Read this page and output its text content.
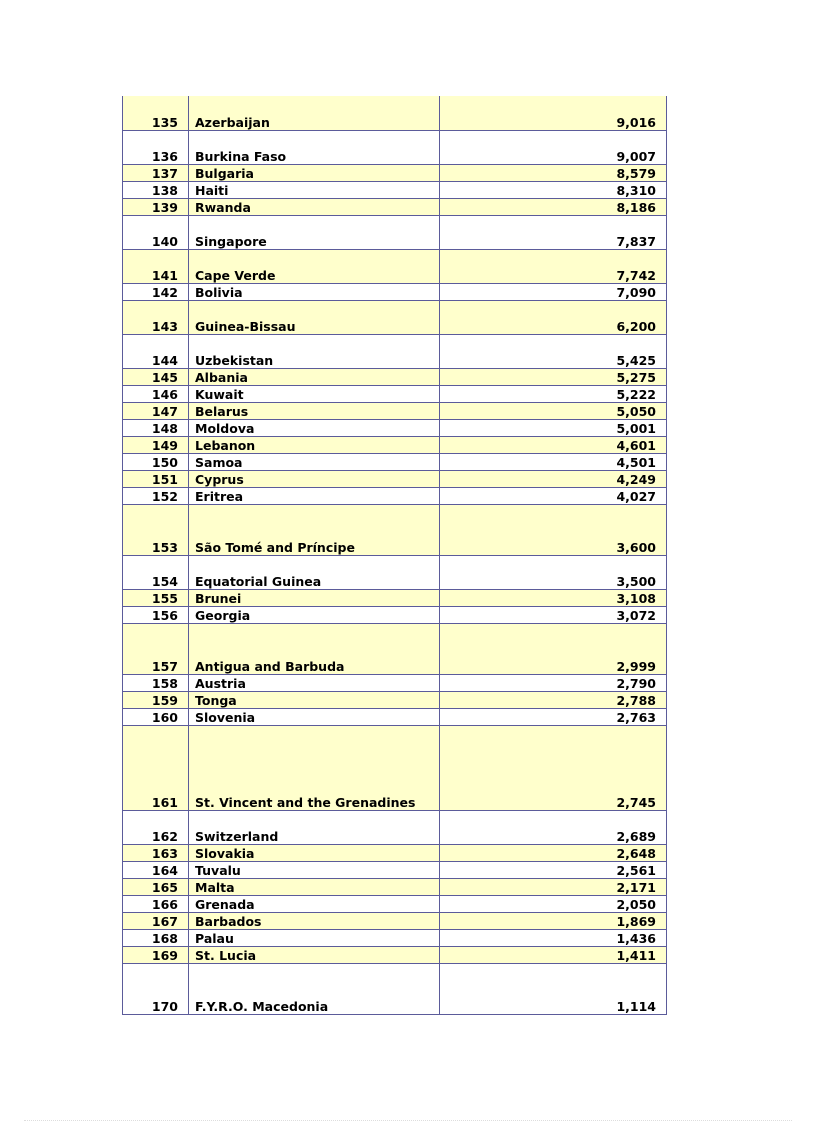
135	Azerbaijan	9,016
136	Burkina Faso	9,007
137	Bulgaria	8,579
138	Haiti	8,310
139	Rwanda	8,186
140	Singapore	7,837
141	Cape Verde	7,742
142	Bolivia	7,090
143	Guinea-Bissau	6,200
144	Uzbekistan	5,425
145	Albania	5,275
146	Kuwait	5,222
147	Belarus	5,050
148	Moldova	5,001
149	Lebanon	4,601
150	Samoa	4,501
151	Cyprus	4,249
152	Eritrea	4,027
153	São Tomé and Príncipe	3,600
154	Equatorial Guinea	3,500
155	Brunei	3,108
156	Georgia	3,072
157	Antigua and Barbuda	2,999
158	Austria	2,790
159	Tonga	2,788
160	Slovenia	2,763
161	St. Vincent and the Grenadines	2,745
162	Switzerland	2,689
163	Slovakia	2,648
164	Tuvalu	2,561
165	Malta	2,171
166	Grenada	2,050
167	Barbados	1,869
168	Palau	1,436
169	St. Lucia	1,411
170	F.Y.R.O. Macedonia	1,114
